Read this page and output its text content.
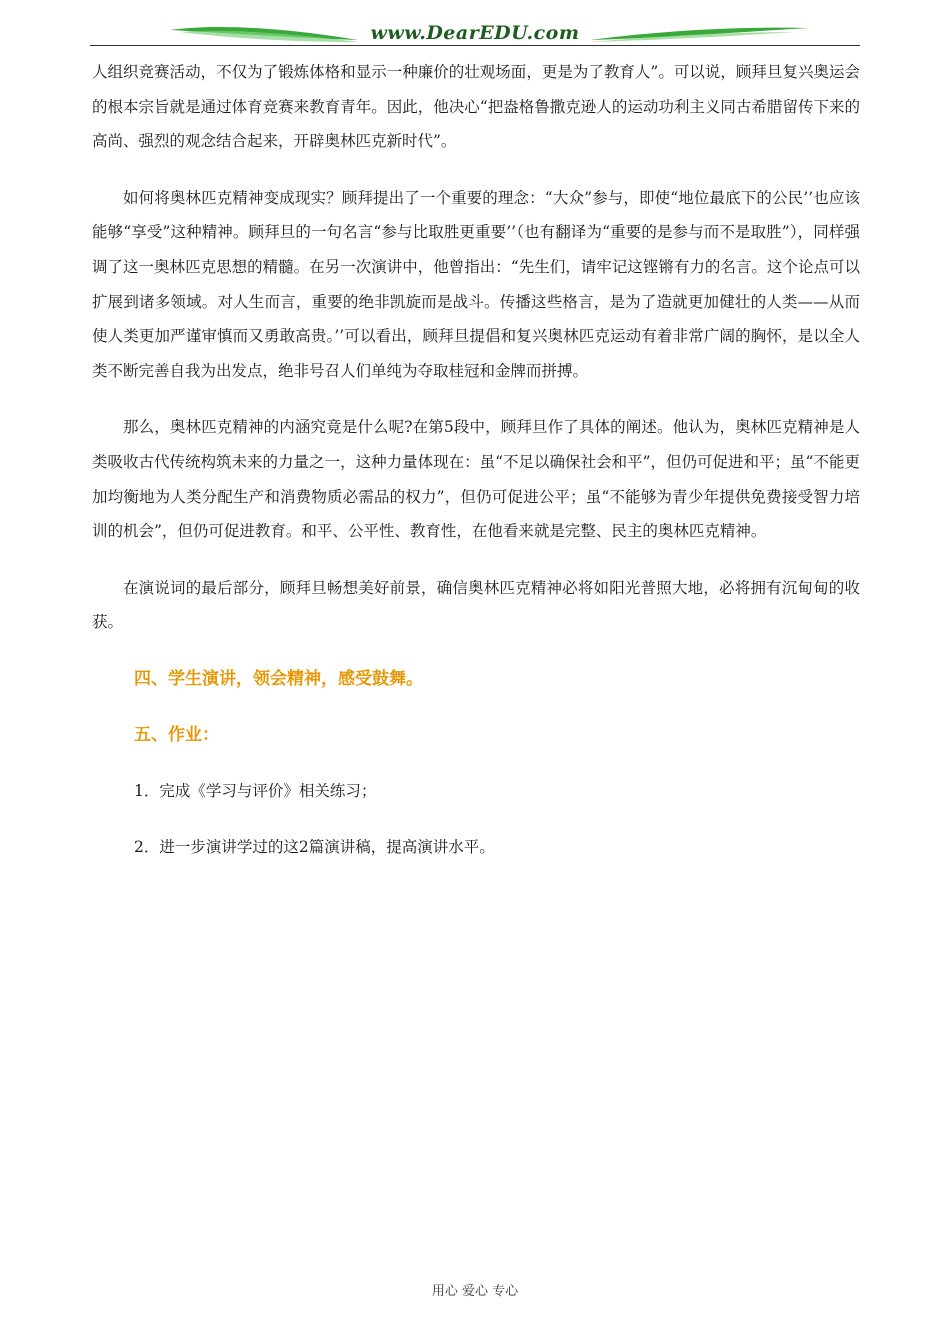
www.DearEDU.com

人组织竞赛活动，不仅为了锻炼体格和显示一种廉价的壮观场面，更是为了教育人”。可以说，顾拜旦复兴奥运会的根本宗旨就是通过体育竞赛来教育青年。因此，他决心“把盎格鲁撒克逊人的运动功利主义同古希腊留传下来的高尚、强烈的观念结合起来，开辟奥林匹克新时代”。

如何将奥林匹克精神变成现实？顾拜提出了一个重要的理念：“大众”参与，即使“地位最底下的公民’’也应该能够“享受”这种精神。顾拜旦的一句名言“参与比取胜更重要’’（也有翻译为“重要的是参与而不是取胜”），同样强调了这一奥林匹克思想的精髓。在另一次演讲中，他曾指出：“先生们，请牢记这铿锵有力的名言。这个论点可以扩展到诸多领域。对人生而言，重要的绝非凯旋而是战斗。传播这些格言，是为了造就更加健壮的人类——从而使人类更加严谨审慎而又勇敢高贵。’’可以看出，顾拜旦提倡和复兴奥林匹克运动有着非常广阔的胸怀，是以全人类不断完善自我为出发点，绝非号召人们单纯为夺取桂冠和金牌而拼搏。

那么，奥林匹克精神的内涵究竟是什么呢?在第5段中，顾拜旦作了具体的阐述。他认为，奥林匹克精神是人类吸收古代传统构筑未来的力量之一，这种力量体现在：虽“不足以确保社会和平”，但仍可促进和平；虽“不能更加均衡地为人类分配生产和消费物质必需品的权力”，但仍可促进公平；虽“不能够为青少年提供免费接受智力培训的机会”，但仍可促进教育。和平、公平性、教育性，在他看来就是完整、民主的奥林匹克精神。

在演说词的最后部分，顾拜旦畅想美好前景，确信奥林匹克精神必将如阳光普照大地，必将拥有沉甸甸的收获。

四、学生演讲，领会精神，感受鼓舞。
五、作业：
1．完成《学习与评价》相关练习；
2．进一步演讲学过的这2篇演讲稿，提高演讲水平。
用心 爱心 专心
